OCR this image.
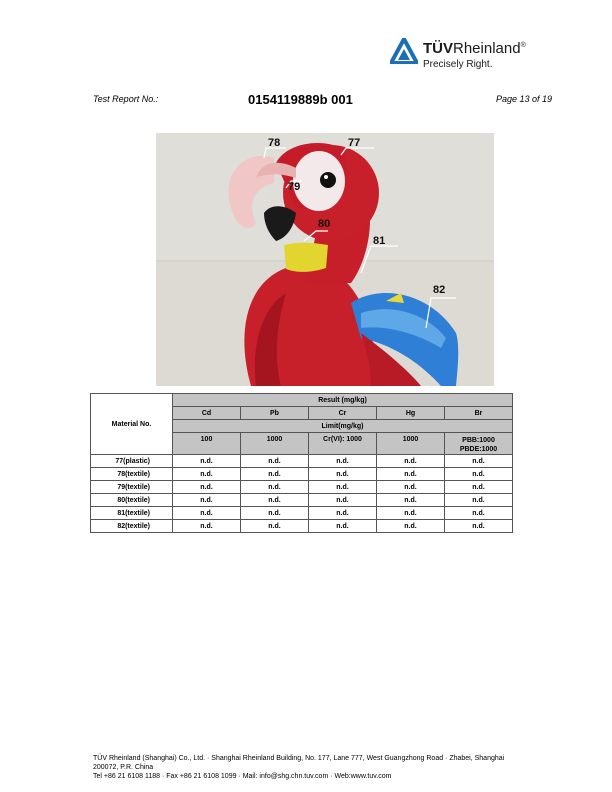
TÜVRheinland®
Precisely Right.
Test Report No.:	0154119889b 001	Page 13 of 19
78	77
79
80
81
82
Material No.	Result (mg/kg)				
	Cd	Pb	Cr	Hg	Br
	Limit(mg/kg)				
	100	1000	Cr(VI): 1000	1000	PBB:1000
PBDE:1000

77(plastic)	n.d.	n.d.	n.d.	n.d.	n.d.
78(textile)	n.d.	n.d.	n.d.	n.d.	n.d.
79(textile)	n.d.	n.d.	n.d.	n.d.	n.d.
80(textile)	n.d.	n.d.	n.d.	n.d.	n.d.
81(textile)	n.d.	n.d.	n.d.	n.d.	n.d.
82(textile)	n.d.	n.d.	n.d.	n.d.	n.d.
TÜV Rheinland (Shanghai) Co., Ltd. · Shanghai Rheinland Building, No. 177, Lane 777, West Guangzhong Road · Zhabei, Shanghai
200072, P.R. China
Tel +86 21 6108 1188 · Fax +86 21 6108 1099 · Mail: info@shg.chn.tuv.com · Web:www.tuv.com
